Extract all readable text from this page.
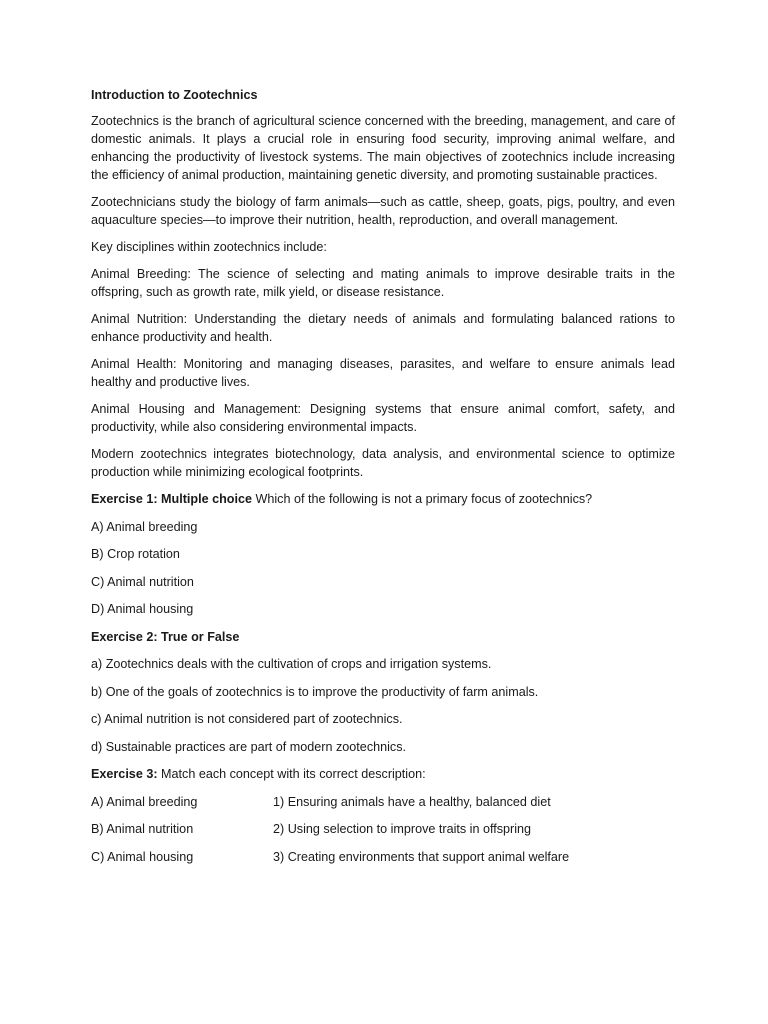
Introduction to Zootechnics

Zootechnics is the branch of agricultural science concerned with the breeding, management, and care of domestic animals. It plays a crucial role in ensuring food security, improving animal welfare, and enhancing the productivity of livestock systems. The main objectives of zootechnics include increasing the efficiency of animal production, maintaining genetic diversity, and promoting sustainable practices.

Zootechnicians study the biology of farm animals—such as cattle, sheep, goats, pigs, poultry, and even aquaculture species—to improve their nutrition, health, reproduction, and overall management.

Key disciplines within zootechnics include:

Animal Breeding: The science of selecting and mating animals to improve desirable traits in the offspring, such as growth rate, milk yield, or disease resistance.

Animal Nutrition: Understanding the dietary needs of animals and formulating balanced rations to enhance productivity and health.

Animal Health: Monitoring and managing diseases, parasites, and welfare to ensure animals lead healthy and productive lives.

Animal Housing and Management: Designing systems that ensure animal comfort, safety, and productivity, while also considering environmental impacts.

Modern zootechnics integrates biotechnology, data analysis, and environmental science to optimize production while minimizing ecological footprints.

Exercise 1: Multiple choice Which of the following is not a primary focus of zootechnics?

A) Animal breeding

B) Crop rotation

C) Animal nutrition

D) Animal housing

Exercise 2: True or False

a) Zootechnics deals with the cultivation of crops and irrigation systems.

b) One of the goals of zootechnics is to improve the productivity of farm animals.

c) Animal nutrition is not considered part of zootechnics.

d) Sustainable practices are part of modern zootechnics.

Exercise 3: Match each concept with its correct description:

A) Animal breeding	1) Ensuring animals have a healthy, balanced diet
B) Animal nutrition	2) Using selection to improve traits in offspring
C) Animal housing	3) Creating environments that support animal welfare
